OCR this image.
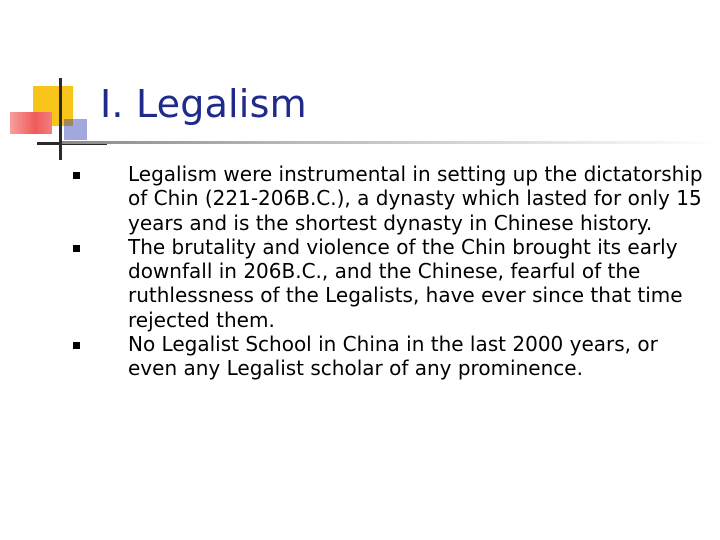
I. Legalism
Legalism were instrumental in setting up the dictatorship of Chin (221-206B.C.), a dynasty which lasted for only 15 years and is the shortest dynasty in Chinese history.
The brutality and violence of the Chin brought its early downfall in 206B.C., and the Chinese, fearful of the ruthlessness of the Legalists, have ever since that time rejected them.
No Legalist School in China in the last 2000 years, or even any Legalist scholar of any prominence.
